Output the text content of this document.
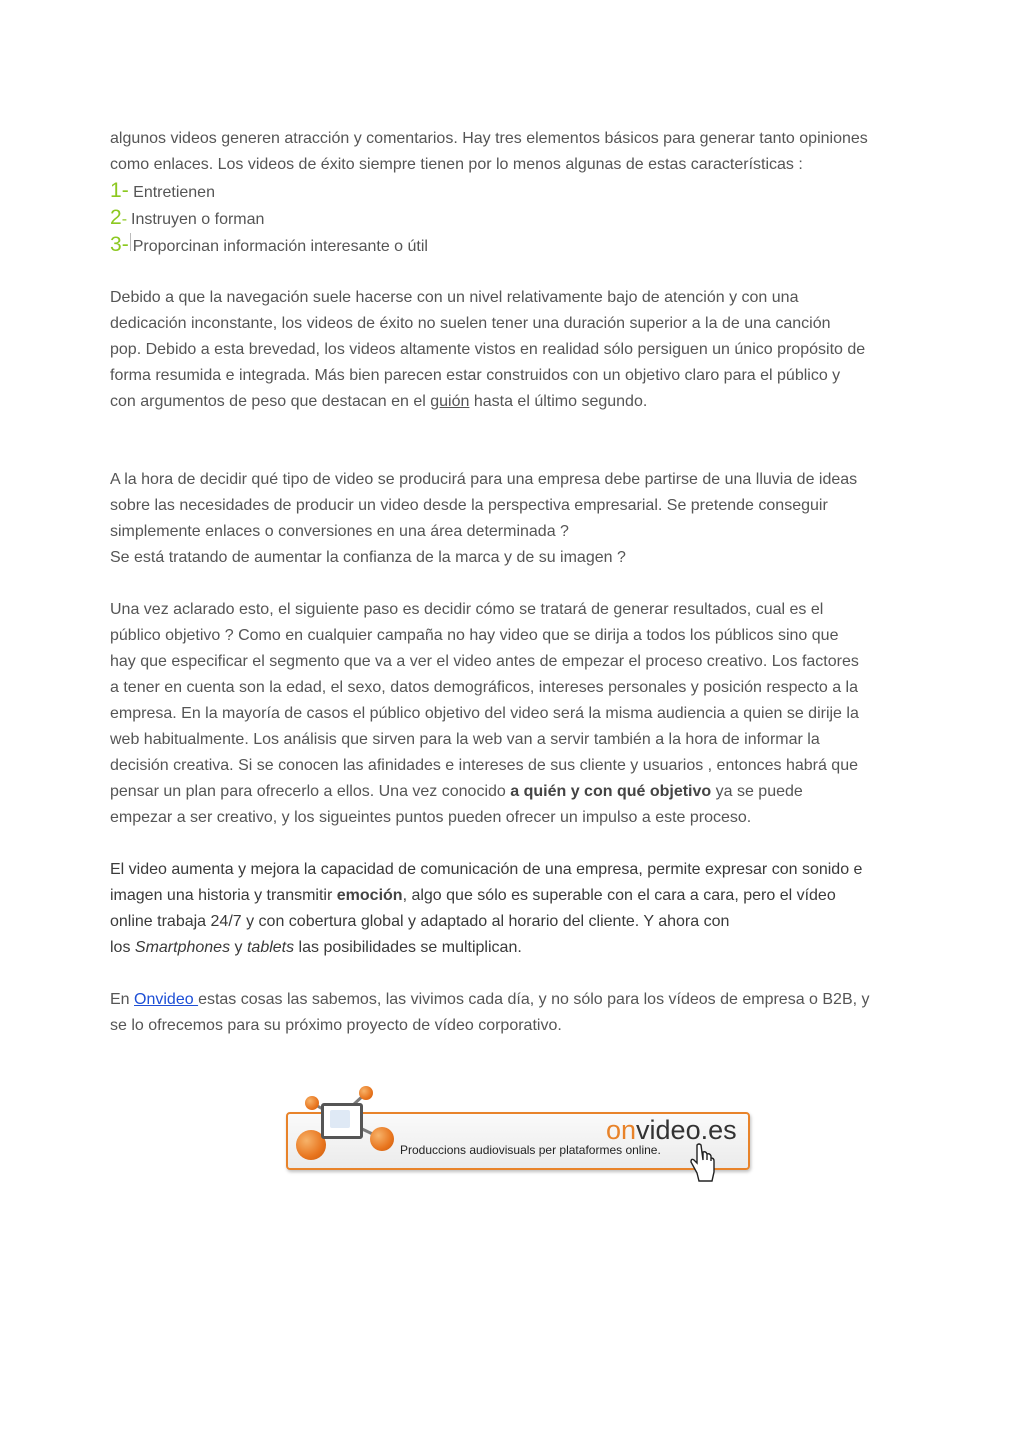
algunos videos generen atracción y comentarios. Hay tres elementos básicos para generar tanto opiniones

como enlaces. Los videos de éxito siempre tienen por lo menos algunas de estas características :

1 -
Entretienen
2 - Instruyen o forman
3 - Proporcinan información interesante o útil

Debido a que la navegación suele hacerse con un nivel relativamente bajo de atención y con una

dedicación inconstante, los videos de éxito no suelen tener una duración superior a la de una canción

pop. Debido a esta brevedad, los videos altamente vistos en realidad sólo persiguen un único propósito de

forma resumida e integrada. Más bien parecen estar construidos con un objetivo claro para el público y

con argumentos de peso que destacan en el guión hasta el último segundo.

A la hora de decidir qué tipo de video se producirá para una empresa debe partirse de una lluvia de ideas

sobre las necesidades de producir un video desde la perspectiva empresarial. Se pretende conseguir

simplemente enlaces o conversiones en una área determinada ?

Se está tratando de aumentar la confianza de la marca y de su imagen ?

Una vez aclarado esto, el siguiente paso es decidir cómo se tratará de generar resultados, cual es el

público objetivo ? Como en cualquier campaña no hay video que se dirija a todos los públicos sino que

hay que especificar el segmento que va a ver el video antes de empezar el proceso creativo. Los factores

a tener en cuenta son la edad, el sexo, datos demográficos, intereses personales y posición respecto a la

empresa. En la mayoría de casos el público objetivo del video será la misma audiencia a quien se dirije la

web habitualmente. Los análisis que sirven para la web van a servir también a la hora de informar la

decisión creativa. Si se conocen las afinidades e intereses de sus cliente y usuarios , entonces habrá que

pensar un plan para ofrecerlo a ellos. Una vez conocido a quién y con qué objetivo ya se puede

empezar a ser creativo, y los sigueintes puntos pueden ofrecer un impulso a este proceso.

El video aumenta y mejora la capacidad de comunicación de una empresa, permite expresar con sonido e

imagen una historia y transmitir emoción, algo que sólo es superable con el cara a cara, pero el vídeo

online trabaja 24/7 y con cobertura global y adaptado al horario del cliente. Y ahora con

los Smartphones y tablets las posibilidades se multiplican.

En Onvideo estas cosas las sabemos, las vivimos cada día, y no sólo para los vídeos de empresa o B2B, y

se lo ofrecemos para su próximo proyecto de vídeo corporativo.

onvideo.es
Produccions audiovisuals per plataformes online.
